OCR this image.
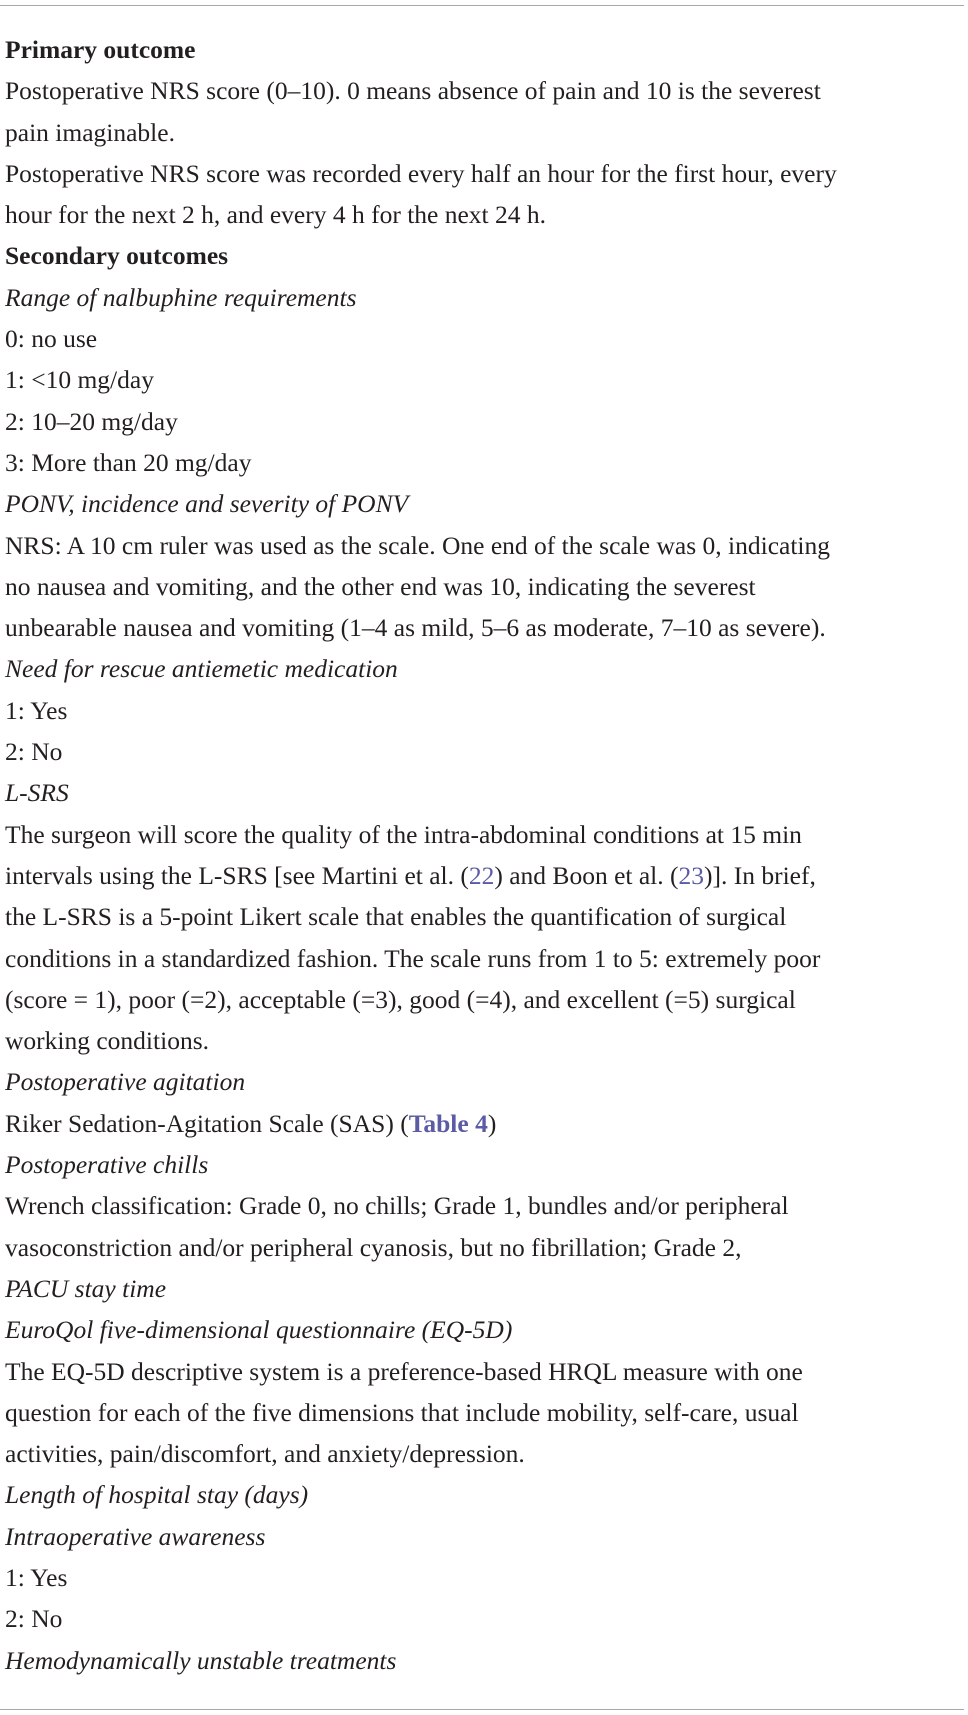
Primary outcome
Postoperative NRS score (0–10). 0 means absence of pain and 10 is the severest
pain imaginable.
Postoperative NRS score was recorded every half an hour for the first hour, every
hour for the next 2 h, and every 4 h for the next 24 h.
Secondary outcomes
Range of nalbuphine requirements
0: no use
1: <10 mg/day
2: 10–20 mg/day
3: More than 20 mg/day
PONV, incidence and severity of PONV
NRS: A 10 cm ruler was used as the scale. One end of the scale was 0, indicating
no nausea and vomiting, and the other end was 10, indicating the severest
unbearable nausea and vomiting (1–4 as mild, 5–6 as moderate, 7–10 as severe).
Need for rescue antiemetic medication
1: Yes
2: No
L-SRS
The surgeon will score the quality of the intra-abdominal conditions at 15 min
intervals using the L-SRS [see Martini et al. (22) and Boon et al. (23)]. In brief,
the L-SRS is a 5-point Likert scale that enables the quantification of surgical
conditions in a standardized fashion. The scale runs from 1 to 5: extremely poor
(score = 1), poor (=2), acceptable (=3), good (=4), and excellent (=5) surgical
working conditions.
Postoperative agitation
Riker Sedation-Agitation Scale (SAS) (Table 4)
Postoperative chills
Wrench classification: Grade 0, no chills; Grade 1, bundles and/or peripheral
vasoconstriction and/or peripheral cyanosis, but no fibrillation; Grade 2,
PACU stay time
EuroQol five-dimensional questionnaire (EQ-5D)
The EQ-5D descriptive system is a preference-based HRQL measure with one
question for each of the five dimensions that include mobility, self-care, usual
activities, pain/discomfort, and anxiety/depression.
Length of hospital stay (days)
Intraoperative awareness
1: Yes
2: No
Hemodynamically unstable treatments
